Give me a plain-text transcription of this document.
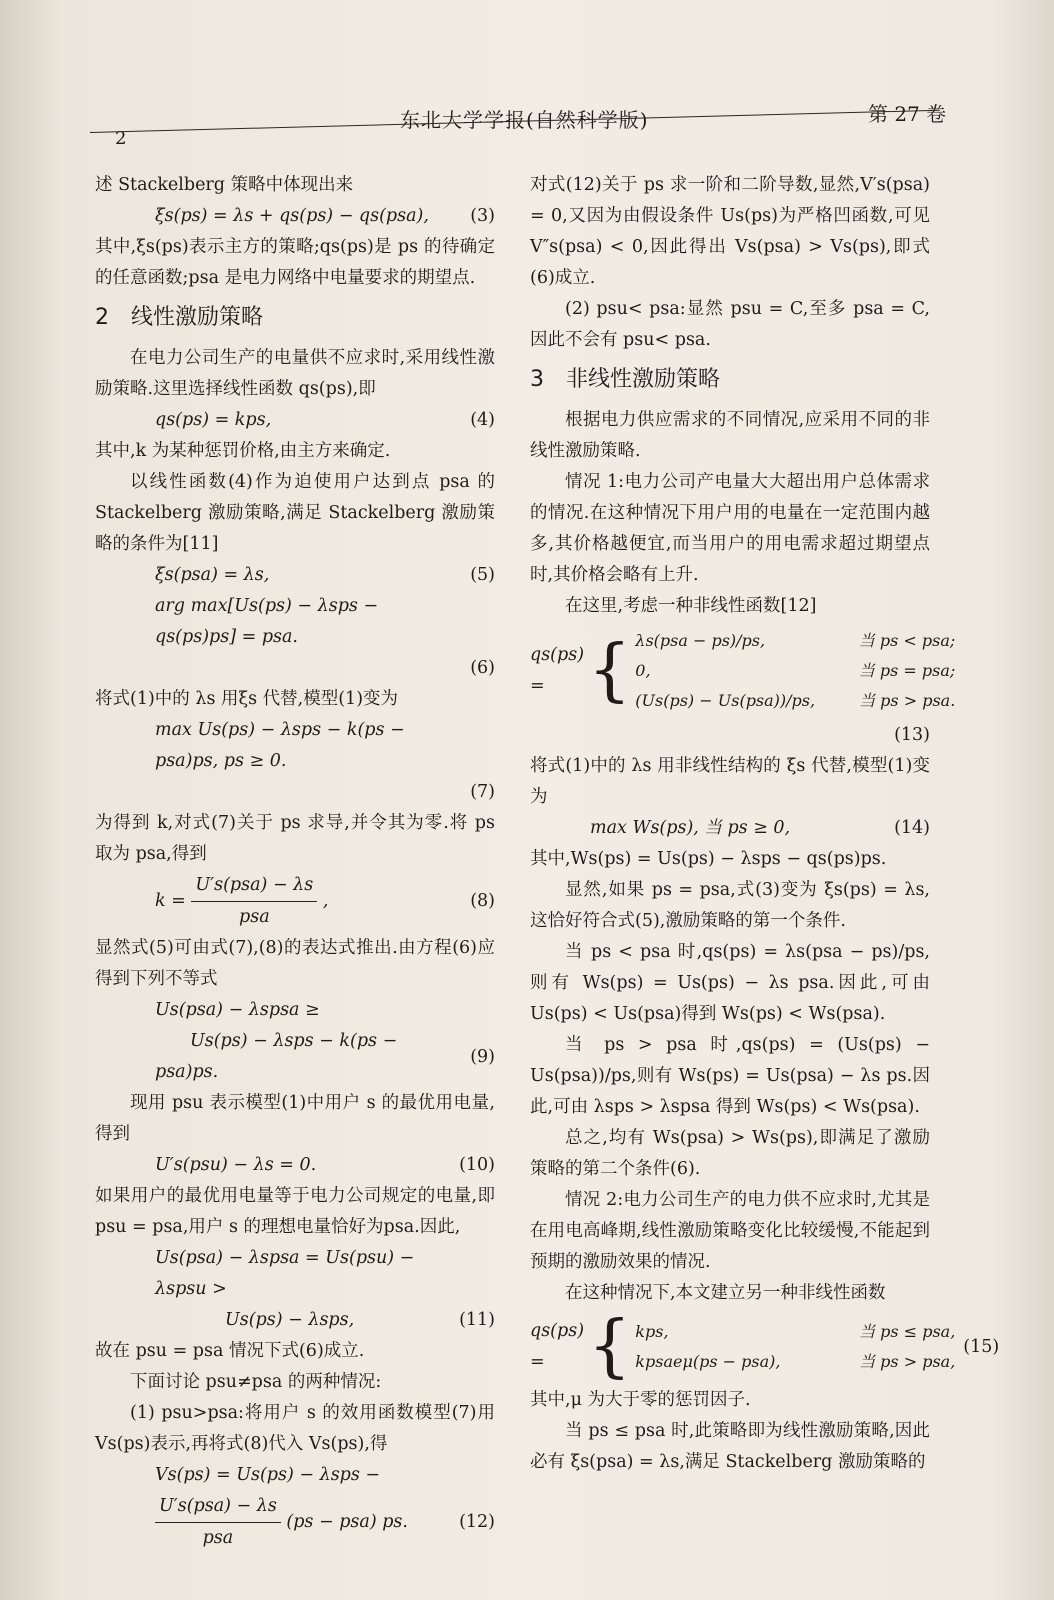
2
东北大学学报(自然科学版)	第 27 卷

述 Stackelberg 策略中体现出来

ξs(ps) = λs + qs(ps) − qs(psa),	(3)

其中,ξs(ps)表示主方的策略;qs(ps)是 ps 的待确定的任意函数;psa 是电力网络中电量要求的期望点.

2　线性激励策略

在电力公司生产的电量供不应求时,采用线性激励策略.这里选择线性函数 qs(ps),即

qs(ps) = kps,	(4)

其中,k 为某种惩罚价格,由主方来确定.

以线性函数(4)作为迫使用户达到点 psa 的 Stackelberg 激励策略,满足 Stackelberg 激励策略的条件为[11]

ξs(psa) = λs,	(5)
arg max[Us(ps) − λsps − qs(ps)ps] = psa.
(6)

将式(1)中的 λs 用ξs 代替,模型(1)变为

max Us(ps) − λsps − k(ps − psa)ps, ps ≥ 0.
(7)

为得到 k,对式(7)关于 ps 求导,并令其为零.将 ps 取为 psa,得到

$k = \frac{\text{U′s(psa) − λs}}{\text{psa}}$ ,	(8)

显然式(5)可由式(7),(8)的表达式推出.由方程(6)应得到下列不等式

Us(psa) − λspsa ≥
　　Us(ps) − λsps − k(ps − psa)ps.
(9)

现用 psu 表示模型(1)中用户 s 的最优用电量,得到

U′s(psu) − λs = 0.	(10)

如果用户的最优用电量等于电力公司规定的电量,即 psu = psa,用户 s 的理想电量恰好为psa.因此,

Us(psa) − λspsa = Us(psu) − λspsu >
　　　　Us(ps) − λsps,	(11)

故在 psu = psa 情况下式(6)成立.

下面讨论 psu≠psa 的两种情况:

(1) psu>psa:将用户 s 的效用函数模型(7)用 Vs(ps)表示,再将式(8)代入 Vs(ps),得

Vs(ps) = Us(ps) − λsps −
$\frac{\text{U′s(psa) − λs}}{\text{psa}} (ps - psa)$ ps.	(12)

对式(12)关于 ps 求一阶和二阶导数,显然,V′s(psa) = 0,又因为由假设条件 Us(ps)为严格凹函数,可见 V″s(psa) < 0,因此得出 Vs(psa) > Vs(ps),即式(6)成立.

(2) psu< psa:显然 psu = C,至多 psa = C,因此不会有 psu< psa.

3　非线性激励策略

根据电力供应需求的不同情况,应采用不同的非线性激励策略.

情况 1:电力公司产电量大大超出用户总体需求的情况.在这种情况下用户用的电量在一定范围内越多,其价格越便宜,而当用户的用电需求超过期望点时,其价格会略有上升.

在这里,考虑一种非线性函数[12]

qs(ps) = { λs(psa − ps)/ps,	当 ps < psa;
0,	当 ps = psa;
(Us(ps) − Us(psa))/ps,	当 ps > psa.
(13)

将式(1)中的 λs 用非线性结构的 ξs 代替,模型(1)变为

max Ws(ps), 当 ps ≥ 0,	(14)

其中,Ws(ps) = Us(ps) − λsps − qs(ps)ps.

显然,如果 ps = psa,式(3)变为 ξs(ps) = λs,这恰好符合式(5),激励策略的第一个条件.

当 ps < psa 时,qs(ps) = λs(psa − ps)/ps,则有 Ws(ps) = Us(ps) − λs psa.因此,可由 Us(ps) < Us(psa)得到 Ws(ps) < Ws(psa).

当 ps > psa 时,qs(ps) = (Us(ps) − Us(psa))/ps,则有 Ws(ps) = Us(psa) − λs ps.因此,可由 λsps > λspsa 得到 Ws(ps) < Ws(psa).

总之,均有 Ws(psa) > Ws(ps),即满足了激励策略的第二个条件(6).

情况 2:电力公司生产的电力供不应求时,尤其是在用电高峰期,线性激励策略变化比较缓慢,不能起到预期的激励效果的情况.

在这种情况下,本文建立另一种非线性函数

qs(ps) = { kps,	当 ps ≤ psa,
kpsaeμ(ps − psa),	当 ps > psa,
(15)

其中,μ 为大于零的惩罚因子.

当 ps ≤ psa 时,此策略即为线性激励策略,因此必有 ξs(psa) = λs,满足 Stackelberg 激励策略的
